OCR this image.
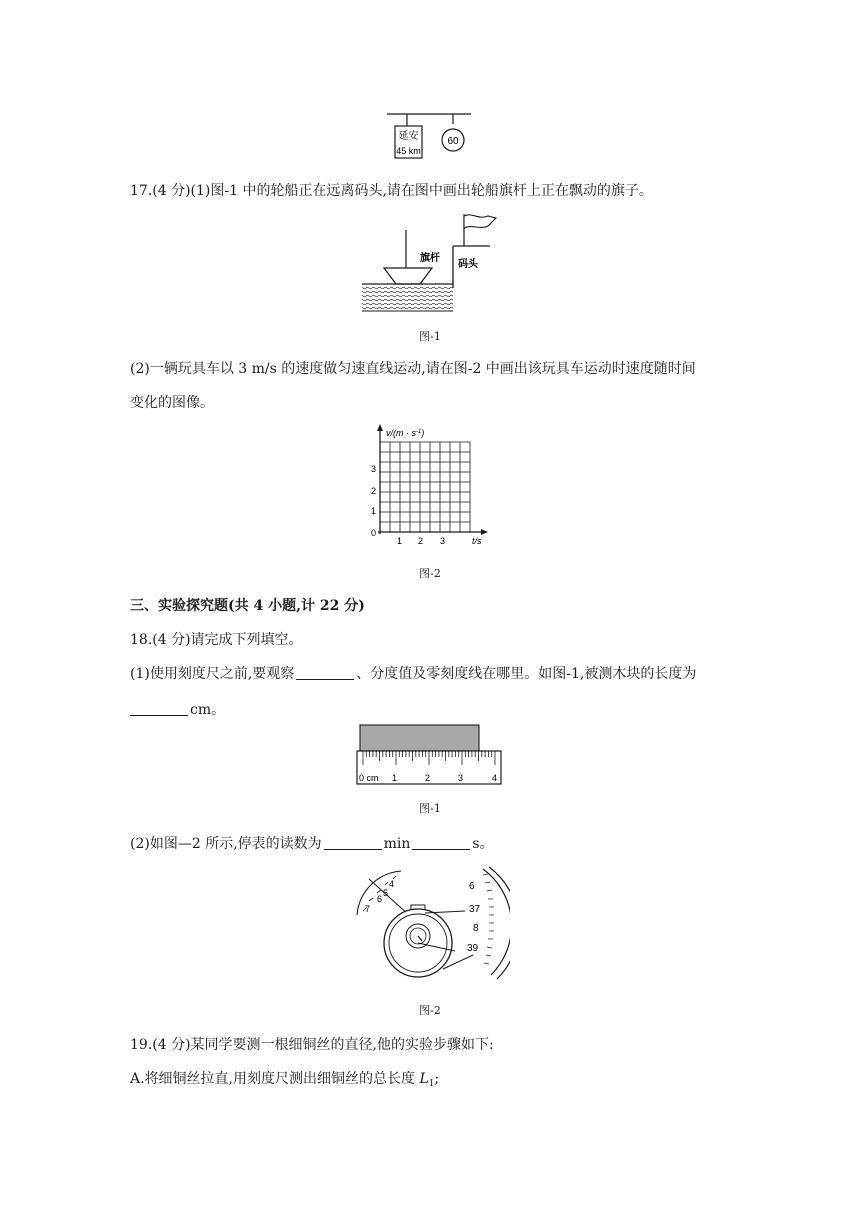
延安
45 km
60
17.(4 分)(1)图-1 中的轮船正在远离码头,请在图中画出轮船旗杆上正在飘动的旗子。
码头
旗杆
图-1
(2)一辆玩具车以 3 m/s 的速度做匀速直线运动,请在图-2 中画出该玩具车运动时速度随时间
变化的图像。
$v/(m \cdot s^{-1})$
t/s
3
2
1
0
1 2 3
图-2
三、实验探究题(共 4 小题,计 22 分)
18.(4 分)请完成下列填空。
(1)使用刻度尺之前,要观察	、分度值及零刻度线在哪里。如图-1,被测木块的长度为
cm。
0 cm 1	2	3	4
图-1
(2)如图—2 所示,停表的读数为	min	s。
4
5
6
7
6
37
8
39
图-2
19.(4 分)某同学要测一根细铜丝的直径,他的实验步骤如下:
A.将细铜丝拉直,用刻度尺测出细铜丝的总长度 $L_1$;
